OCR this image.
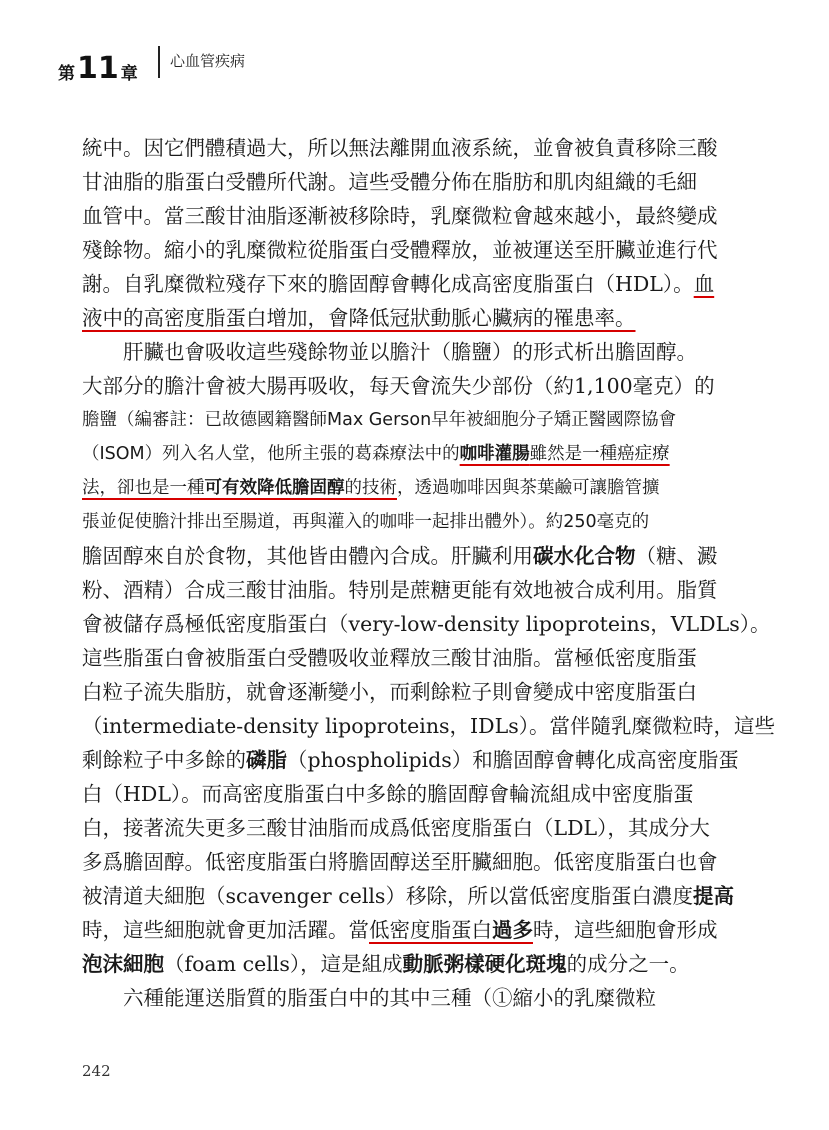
第 11 章
心血管疾病
統中。因它們體積過大，所以無法離開血液系統，並會被負責移除三酸
甘油脂的脂蛋白受體所代謝。這些受體分佈在脂肪和肌肉組織的毛細
血管中。當三酸甘油脂逐漸被移除時，乳糜微粒會越來越小，最終變成
殘餘物。縮小的乳糜微粒從脂蛋白受體釋放，並被運送至肝臟並進行代
謝。自乳糜微粒殘存下來的膽固醇會轉化成高密度脂蛋白（HDL）。血
液中的高密度脂蛋白增加，會降低冠狀動脈心臟病的罹患率。
　　肝臟也會吸收這些殘餘物並以膽汁（膽鹽）的形式析出膽固醇。
大部分的膽汁會被大腸再吸收，每天會流失少部份（約1,100毫克）的
膽鹽（編審註：已故德國籍醫師Max Gerson早年被細胞分子矯正醫國際協會
（ISOM）列入名人堂，他所主張的葛森療法中的咖啡灌腸雖然是一種癌症療
法，卻也是一種可有效降低膽固醇的技術，透過咖啡因與茶葉鹼可讓膽管擴
張並促使膽汁排出至腸道，再與灌入的咖啡一起排出體外）。約250毫克的
膽固醇來自於食物，其他皆由體內合成。肝臟利用碳水化合物（糖、澱
粉、酒精）合成三酸甘油脂。特別是蔗糖更能有效地被合成利用。脂質
會被儲存爲極低密度脂蛋白（very-low-density lipoproteins，VLDLs）。
這些脂蛋白會被脂蛋白受體吸收並釋放三酸甘油脂。當極低密度脂蛋
白粒子流失脂肪，就會逐漸變小，而剩餘粒子則會變成中密度脂蛋白
（intermediate-density lipoproteins，IDLs）。當伴隨乳糜微粒時，這些
剩餘粒子中多餘的磷脂（phospholipids）和膽固醇會轉化成高密度脂蛋
白（HDL）。而高密度脂蛋白中多餘的膽固醇會輪流組成中密度脂蛋
白，接著流失更多三酸甘油脂而成爲低密度脂蛋白（LDL），其成分大
多爲膽固醇。低密度脂蛋白將膽固醇送至肝臟細胞。低密度脂蛋白也會
被清道夫細胞（scavenger cells）移除，所以當低密度脂蛋白濃度提高
時，這些細胞就會更加活躍。當低密度脂蛋白過多時，這些細胞會形成
泡沫細胞（foam cells），這是組成動脈粥樣硬化斑塊的成分之一。
　　六種能運送脂質的脂蛋白中的其中三種（①縮小的乳糜微粒
242
